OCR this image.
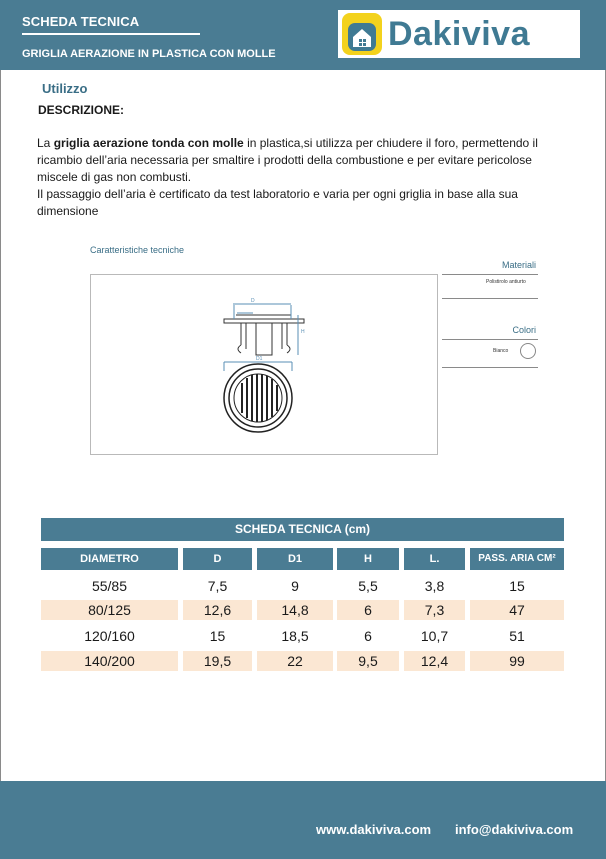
SCHEDA TECNICA
GRIGLIA AERAZIONE IN PLASTICA CON MOLLE
Dakiviva
Utilizzo
DESCRIZIONE:

La griglia aerazione tonda con molle in plastica,si utilizza per chiudere il foro, permettendo il ricambio dell’aria necessaria per smaltire i prodotti della combustione e per evitare pericolose miscele di gas non combusti.

Il passaggio dell’aria è certificato da test laboratorio e varia per ogni griglia in base alla sua dimensione

Caratteristiche tecniche
D
H
D1
Materiali
Polistirolo antiurto
Colori
Bianco
SCHEDA TECNICA (cm)
DIAMETRO	D	D1	H	L.	PASS. ARIA CM²
55/85	7,5	9	5,5	3,8	15
80/125	12,6	14,8	6	7,3	47
120/160	15	18,5	6	10,7	51
140/200	19,5	22	9,5	12,4	99
www.dakiviva.com info@dakiviva.com
